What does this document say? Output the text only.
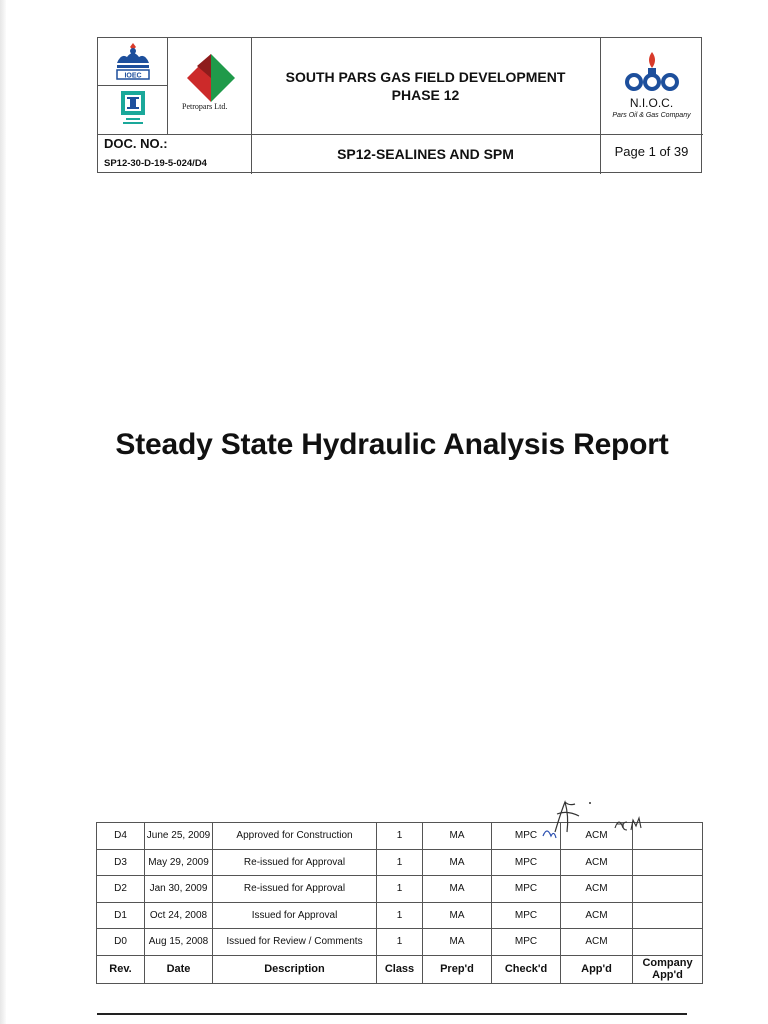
IOEC
Petropars Ltd.
SOUTH PARS GAS FIELD DEVELOPMENT
PHASE 12	N.I.O.C.
Pars Oil & Gas Company
DOC. NO.:
SP12-30-D-19-5-024/D4
SP12-SEALINES AND SPM	Page 1 of 39
Steady State Hydraulic Analysis Report
D4	June 25, 2009	Approved for Construction	1	MA	MPC	ACM	
D3	May 29, 2009	Re-issued for Approval	1	MA	MPC	ACM	
D2	Jan 30, 2009	Re-issued for Approval	1	MA	MPC	ACM	
D1	Oct 24, 2008	Issued for Approval	1	MA	MPC	ACM	
D0	Aug 15, 2008	Issued for Review / Comments	1	MA	MPC	ACM	
Rev.	Date	Description	Class	Prep'd	Check'd	App'd	Company App'd
